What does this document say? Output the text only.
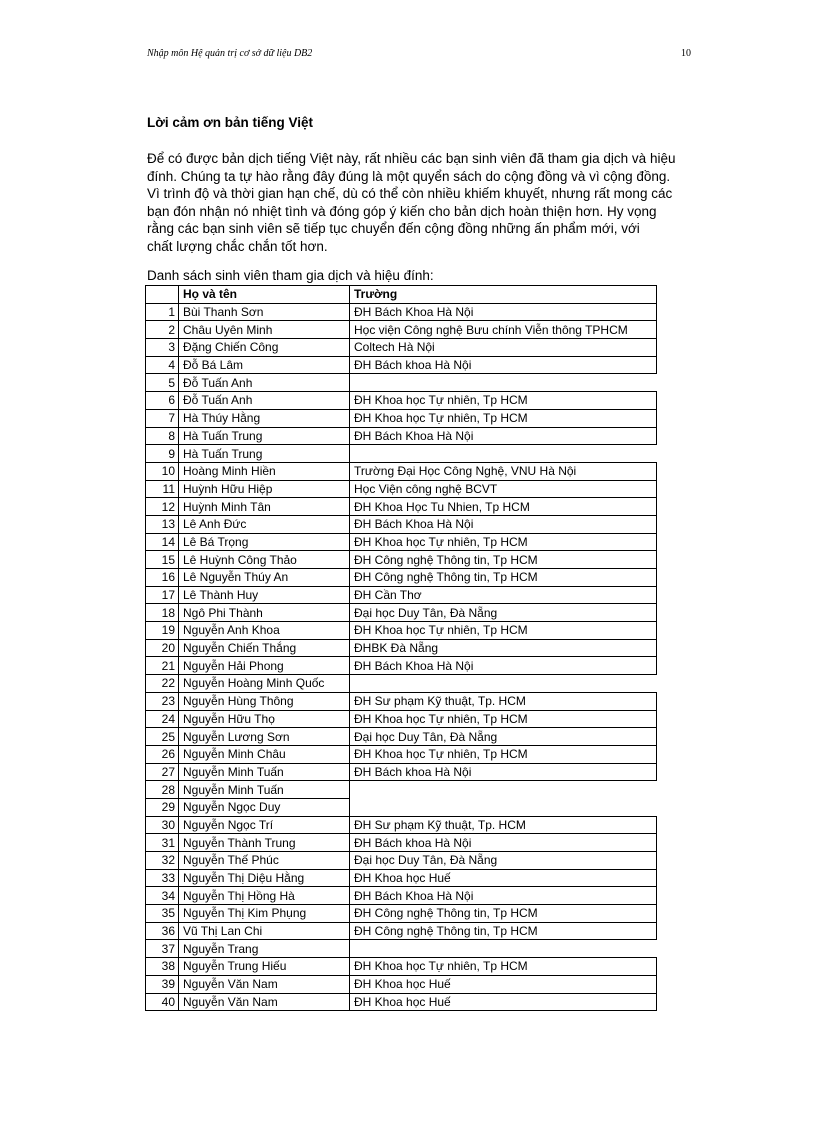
Nhập môn Hệ quản trị cơ sở dữ liệu DB2	10
Lời cảm ơn bản tiếng Việt

Để có được bản dịch tiếng Việt này, rất nhiều các bạn sinh viên đã tham gia dịch và hiệu
đính. Chúng ta tự hào rằng đây đúng là một quyển sách do cộng đồng và vì cộng đồng.
Vì trình độ và thời gian hạn chế, dù có thể còn nhiều khiếm khuyết, nhưng rất mong các
bạn đón nhận nó nhiệt tình và đóng góp ý kiến cho bản dịch hoàn thiện hơn. Hy vọng
rằng các bạn sinh viên sẽ tiếp tục chuyển đến cộng đồng những ấn phẩm mới, với
chất lượng chắc chắn tốt hơn.

Danh sách sinh viên tham gia dịch và hiệu đính:
	Họ và tên	Trường
1	Bùi Thanh Sơn	ĐH Bách Khoa Hà Nội
2	Châu Uyên Minh	Học viện Công nghệ Bưu chính Viễn thông TPHCM
3	Đặng Chiến Công	Coltech Hà Nội
4	Đỗ Bá Lâm	ĐH Bách khoa Hà Nội
5	Đỗ Tuấn Anh	
6	Đỗ Tuấn Anh	ĐH Khoa học Tự nhiên, Tp HCM
7	Hà Thúy Hằng	ĐH Khoa học Tự nhiên, Tp HCM
8	Hà Tuấn Trung	ĐH Bách Khoa Hà Nội
9	Hà Tuấn Trung	
10	Hoàng Minh Hiền	Trường Đại Học Công Nghệ, VNU Hà Nội
11	Huỳnh Hữu Hiệp	Học Viện công nghệ BCVT
12	Huỳnh Minh Tân	ĐH Khoa Học Tu Nhien, Tp HCM
13	Lê Anh Đức	ĐH Bách Khoa Hà Nội
14	Lê Bá Trọng	ĐH Khoa học Tự nhiên, Tp HCM
15	Lê Huỳnh Công Thảo	ĐH Công nghệ Thông tin, Tp HCM
16	Lê Nguyễn Thúy An	ĐH Công nghệ Thông tin, Tp HCM
17	Lê Thành Huy	ĐH Cần Thơ
18	Ngô Phi Thành	Đại học Duy Tân, Đà Nẵng
19	Nguyễn Anh Khoa	ĐH Khoa học Tự nhiên, Tp HCM
20	Nguyễn Chiến Thắng	ĐHBK Đà Nẵng
21	Nguyễn Hải Phong	ĐH Bách Khoa Hà Nội
22	Nguyễn Hoàng Minh Quốc	
23	Nguyễn Hùng Thông	ĐH Sư phạm Kỹ thuật, Tp. HCM
24	Nguyễn Hữu Thọ	ĐH Khoa học Tự nhiên, Tp HCM
25	Nguyễn Lương Sơn	Đại học Duy Tân, Đà Nẵng
26	Nguyễn Minh Châu	ĐH Khoa học Tự nhiên, Tp HCM
27	Nguyễn Minh Tuấn	ĐH Bách khoa Hà Nội
28	Nguyễn Minh Tuấn	
29	Nguyễn Ngọc Duy	
30	Nguyễn Ngọc Trí	ĐH Sư phạm Kỹ thuật, Tp. HCM
31	Nguyễn Thành Trung	ĐH Bách khoa Hà Nội
32	Nguyễn Thế Phúc	Đại học Duy Tân, Đà Nẵng
33	Nguyễn Thị Diệu Hằng	ĐH Khoa học Huế
34	Nguyễn Thị Hồng Hà	ĐH Bách Khoa Hà Nội
35	Nguyễn Thị Kim Phụng	ĐH Công nghệ Thông tin, Tp HCM
36	Vũ Thị Lan Chi	ĐH Công nghệ Thông tin, Tp HCM
37	Nguyễn Trang	
38	Nguyễn Trung Hiếu	ĐH Khoa học Tự nhiên, Tp HCM
39	Nguyễn Văn Nam	ĐH Khoa học Huế
40	Nguyễn Văn Nam	ĐH Khoa học Huế
